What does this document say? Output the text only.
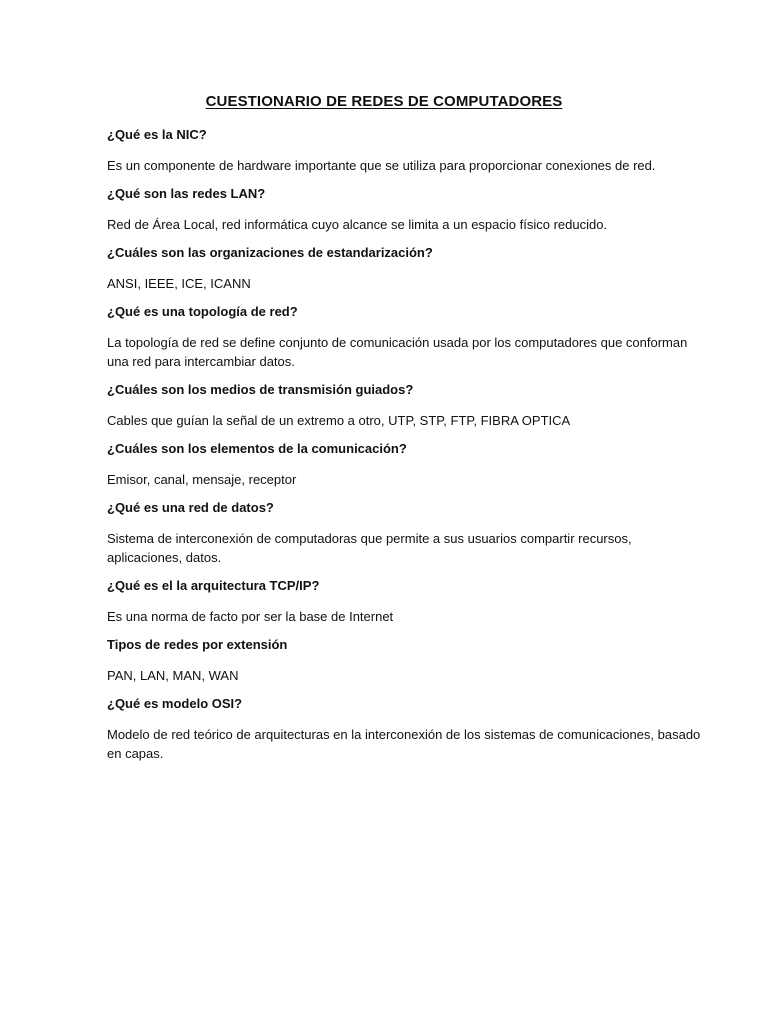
CUESTIONARIO DE REDES DE COMPUTADORES

¿Qué es la NIC?

Es un componente de hardware importante que se utiliza para proporcionar conexiones de red.

¿Qué son las redes LAN?

Red de Área Local, red informática cuyo alcance se limita a un espacio físico reducido.

¿Cuáles son las organizaciones de estandarización?

ANSI, IEEE, ICE, ICANN

¿Qué es una topología de red?

La topología de red se define conjunto de comunicación usada por los computadores que conforman una red para intercambiar datos.

¿Cuáles son los medios de transmisión guiados?

Cables que guían la señal de un extremo a otro, UTP, STP, FTP, FIBRA OPTICA

¿Cuáles son los elementos de la comunicación?

Emisor, canal, mensaje, receptor

¿Qué es una red de datos?

Sistema de interconexión de computadoras que permite a sus usuarios compartir recursos, aplicaciones, datos.

¿Qué es el la arquitectura TCP/IP?

Es una norma de facto por ser la base de Internet

Tipos de redes por extensión

PAN, LAN, MAN, WAN

¿Qué es modelo OSI?

Modelo de red teórico de arquitecturas en la interconexión de los sistemas de comunicaciones, basado en capas.
